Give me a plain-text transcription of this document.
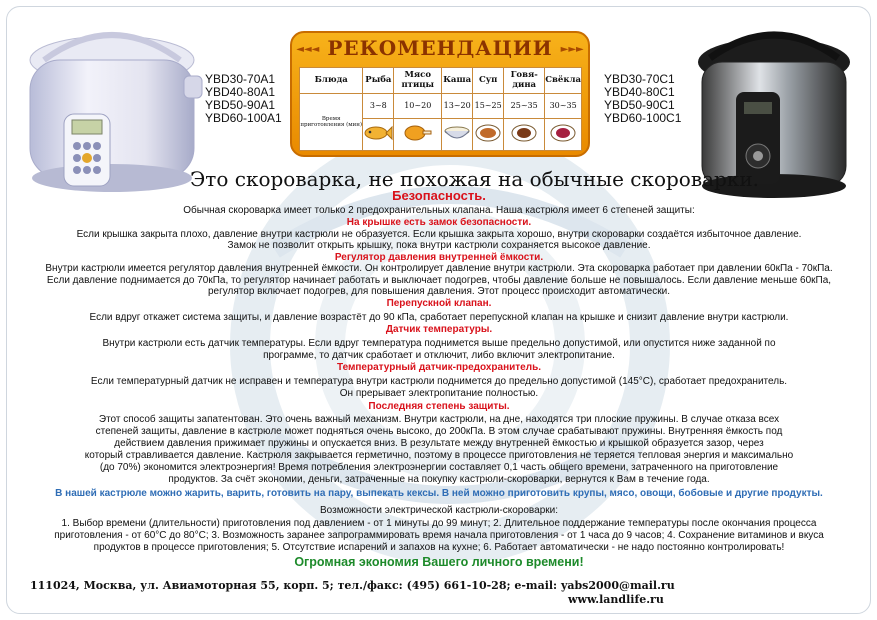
YBD30-70A1
YBD40-80A1
YBD50-90A1
YBD60-100A1
◄◄◄ РЕКОМЕНДАЦИИ ►►►
Блюда	Рыба	Мясо птицы	Каша	Суп	Говя-дина	Свёкла
Время приготовления (мин)	3~8	10~20	13~20	15~25	25~35	30~35

YBD30-70C1
YBD40-80C1
YBD50-90C1
YBD60-100C1
Это скороварка, не похожая на обычные скороварки.
Безопасность.
Обычная скороварка имеет только 2 предохранительных клапана. Наша кастрюля имеет 6 степеней защиты:
На крышке есть замок безопасности.
Если крышка закрыта плохо, давление внутри кастрюли не образуется. Если крышка закрыта хорошо, внутри скороварки создаётся избыточное давление.
Замок не позволит открыть крышку, пока внутри кастрюли сохраняется высокое давление.
Регулятор давления внутренней ёмкости.
Внутри кастрюли имеется регулятор давления внутренней ёмкости. Он контролирует давление внутри кастрюли. Эта скороварка работает при давлении 60кПа - 70кПа.
Если давление поднимается до 70кПа, то регулятор начинает работать и выключает подогрев, чтобы давление больше не повышалось. Если давление меньше 60кПа,
регулятор включает подогрев, для повышения давления. Этот процесс происходит автоматически.
Перепускной клапан.
Если вдруг откажет система защиты, и давление возрастёт до 90 кПа, сработает перепускной клапан на крышке и снизит давление внутри кастрюли.
Датчик температуры.
Внутри кастрюли есть датчик температуры. Если вдруг температура поднимется выше предельно допустимой, или опустится ниже заданной по
программе, то датчик сработает и отключит, либо включит электропитание.
Температурный датчик-предохранитель.
Если температурный датчик не исправен и температура внутри кастрюли поднимется до предельно допустимой (145°С), сработает предохранитель.
Он прерывает электропитание полностью.
Последняя степень защиты.
Этот способ защиты запатентован. Это очень важный механизм. Внутри кастрюли, на дне, находятся три плоские пружины. В случае отказа всех
степеней защиты, давление в кастрюле может подняться очень высоко, до 200кПа. В этом случае срабатывают пружины. Внутренняя ёмкость под
действием давления прижимает пружины и опускается вниз. В результате между внутренней ёмкостью и крышкой образуется зазор, через
который стравливается давление. Кастрюля закрывается герметично, поэтому в процессе приготовления не теряется тепловая энергия и максимально
(до 70%) экономится электроэнергия! Время потребления электроэнергии составляет 0,1 часть общего времени, затраченного на приготовление
продуктов. За счёт экономии, деньги, затраченные на покупку кастрюли-скороварки, вернутся к Вам в течение года.
В нашей кастрюле можно жарить, варить, готовить на пару, выпекать кексы. В ней можно приготовить крупы, мясо, овощи, бобовые и другие продукты.
Возможности электрической кастрюли-скороварки:
1. Выбор времени (длительности) приготовления под давлением - от 1 минуты до 99 минут; 2. Длительное поддержание температуры после окончания процесса
приготовления - от 60°С до 80°С; 3. Возможность заранее запрограммировать время начала приготовления - от 1 часа до 9 часов; 4. Сохранение витаминов и вкуса
продуктов в процессе приготовления; 5. Отсутствие испарений и запахов на кухне; 6. Работает автоматически - не надо постоянно контролировать!
Огромная экономия Вашего личного времени!
111024, Москва, ул. Авиамоторная 55, корп. 5; тел./факс: (495) 661-10-28; e-mail: yabs2000@mail.ru
www.landlife.ru
